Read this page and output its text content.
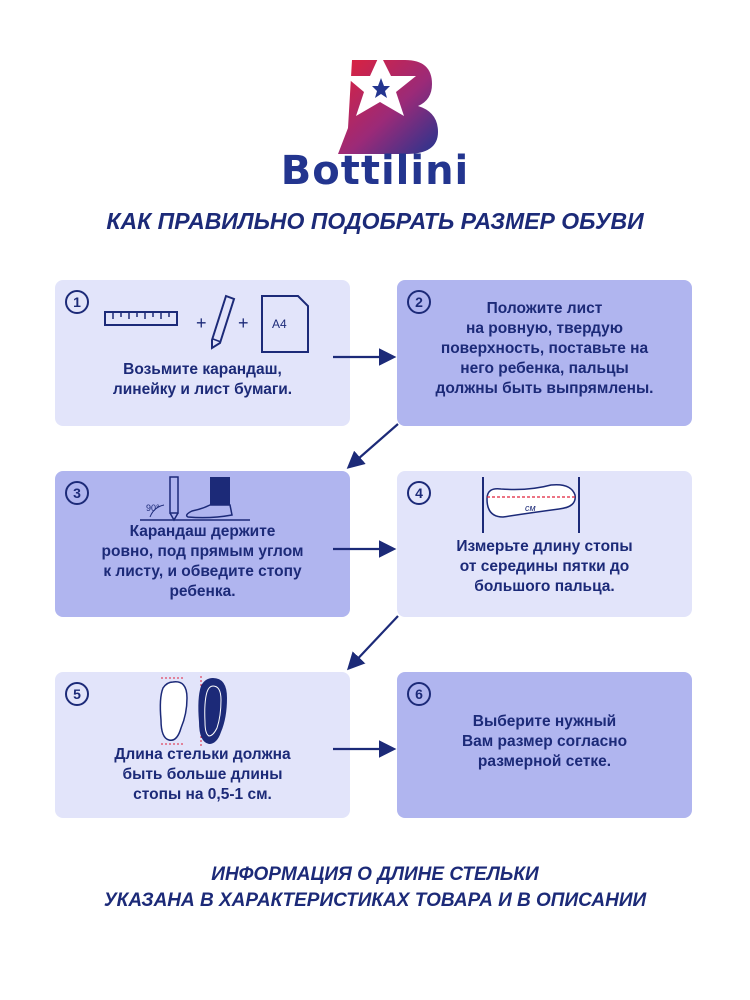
Bottilini
КАК ПРАВИЛЬНО ПОДОБРАТЬ РАЗМЕР ОБУВИ
1
+ + A4
Возьмите карандаш,
линейку и лист бумаги.
2	Положите лист
на ровную, твердую
поверхность, поставьте на
него ребенка, пальцы
должны быть выпрямлены.
3
90°
Карандаш держите
ровно, под прямым углом
к листу, и обведите стопу
ребенка.
4
см
Измерьте длину стопы
от середины пятки до
большого пальца.
5
Длина стельки должна
быть больше длины
стопы на 0,5-1 см.
6
Выберите нужный
Вам размер согласно
размерной сетке.
ИНФОРМАЦИЯ О ДЛИНЕ СТЕЛЬКИ
УКАЗАНА В ХАРАКТЕРИСТИКАХ ТОВАРА И В ОПИСАНИИ
